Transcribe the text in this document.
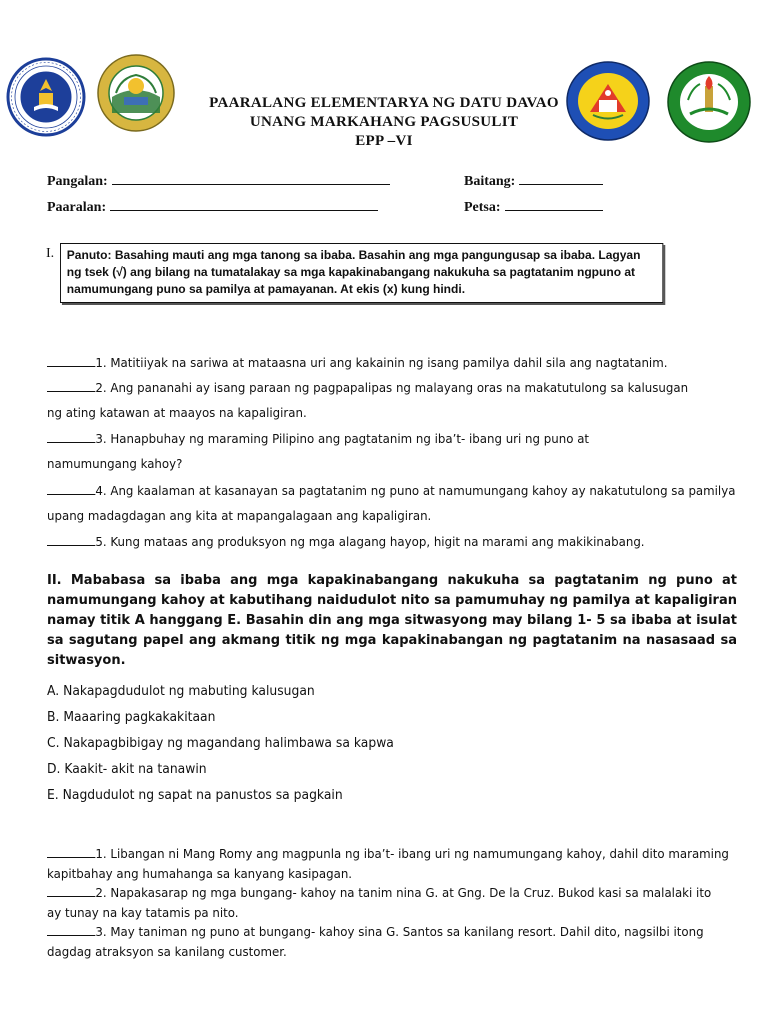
PAARALANG ELEMENTARYA NG DATU DAVAO
UNANG MARKAHANG PAGSUSULIT
EPP –VI
Pangalan:	Baitang:
Paaralan:	Petsa:
I.	Panuto: Basahing mauti ang mga tanong sa ibaba. Basahin ang mga pangungusap sa ibaba. Lagyan ng tsek (√) ang bilang na tumatalakay sa mga kapakinabangang nakukuha sa pagtatanim ngpuno at namumungang puno sa pamilya at pamayanan. At ekis (x) kung hindi.
1. Matitiiyak na sariwa at mataasna uri ang kakainin ng isang pamilya dahil sila ang nagtatanim.
2. Ang pananahi ay isang paraan ng pagpapalipas ng malayang oras na makatutulong sa kalusugan ng ating katawan at maayos na kapaligiran.
3. Hanapbuhay ng maraming Pilipino ang pagtatanim ng iba’t- ibang uri ng puno at namumungang kahoy?
4. Ang kaalaman at kasanayan sa pagtatanim ng puno at namumungang kahoy ay nakatutulong sa pamilya upang madagdagan ang kita at mapangalagaan ang kapaligiran.
5. Kung mataas ang produksyon ng mga alagang hayop, higit na marami ang makikinabang.
II. Mababasa sa ibaba ang mga kapakinabangang nakukuha sa pagtatanim ng puno at namumungang kahoy at kabutihang naidudulot nito sa pamumuhay ng pamilya at kapaligiran namay titik A hanggang E. Basahin din ang mga sitwasyong may bilang 1- 5 sa ibaba at isulat sa sagutang papel ang akmang titik ng mga kapakinabangan ng pagtatanim na nasasaad sa sitwasyon.
A. Nakapagdudulot ng mabuting kalusugan
B. Maaaring pagkakakitaan
C. Nakapagbibigay ng magandang halimbawa sa kapwa
D. Kaakit- akit na tanawin
E. Nagdudulot ng sapat na panustos sa pagkain
1. Libangan ni Mang Romy ang magpunla ng iba’t- ibang uri ng namumungang kahoy, dahil dito maraming kapitbahay ang humahanga sa kanyang kasipagan.
2. Napakasarap ng mga bungang- kahoy na tanim nina G. at Gng. De la Cruz. Bukod kasi sa malalaki ito ay tunay na kay tatamis pa nito.
3. May taniman ng puno at bungang- kahoy sina G. Santos sa kanilang resort. Dahil dito, nagsilbi itong dagdag atraksyon sa kanilang customer.
